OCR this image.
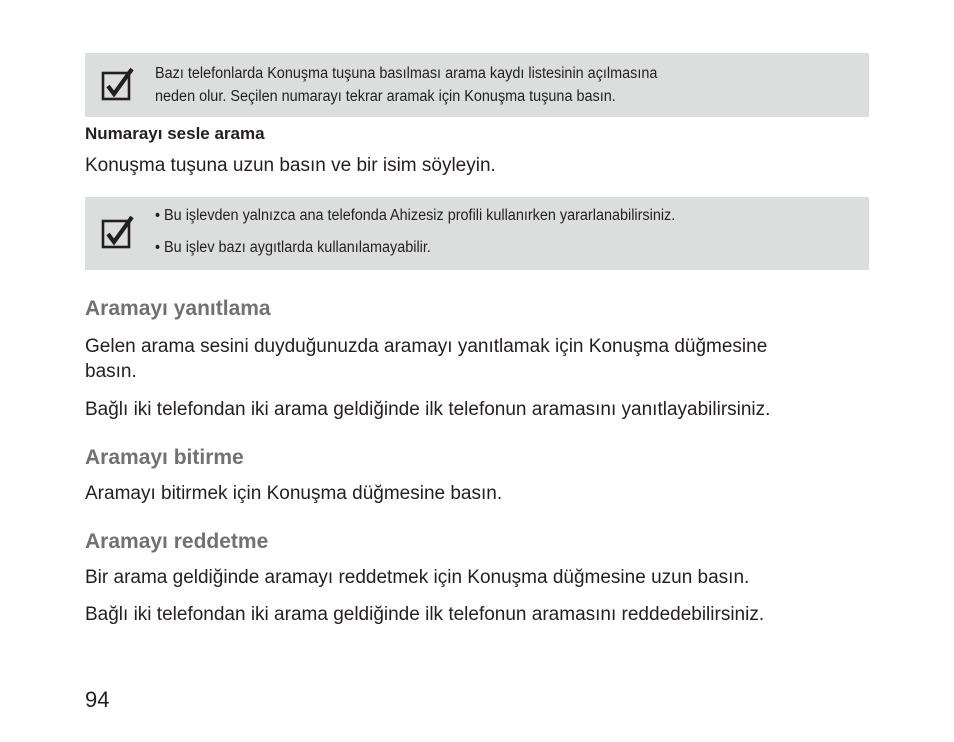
Bazı telefonlarda Konuşma tuşuna basılması arama kaydı listesinin açılmasına
neden olur. Seçilen numarayı tekrar aramak için Konuşma tuşuna basın.
Numarayı sesle arama
Konuşma tuşuna uzun basın ve bir isim söyleyin.
• Bu işlevden yalnızca ana telefonda Ahizesiz profili kullanırken yararlanabilirsiniz.
• Bu işlev bazı aygıtlarda kullanılamayabilir.
Aramayı yanıtlama
Gelen arama sesini duyduğunuzda aramayı yanıtlamak için Konuşma düğmesine
basın.
Bağlı iki telefondan iki arama geldiğinde ilk telefonun aramasını yanıtlayabilirsiniz.
Aramayı bitirme
Aramayı bitirmek için Konuşma düğmesine basın.
Aramayı reddetme
Bir arama geldiğinde aramayı reddetmek için Konuşma düğmesine uzun basın.
Bağlı iki telefondan iki arama geldiğinde ilk telefonun aramasını reddedebilirsiniz.
94
